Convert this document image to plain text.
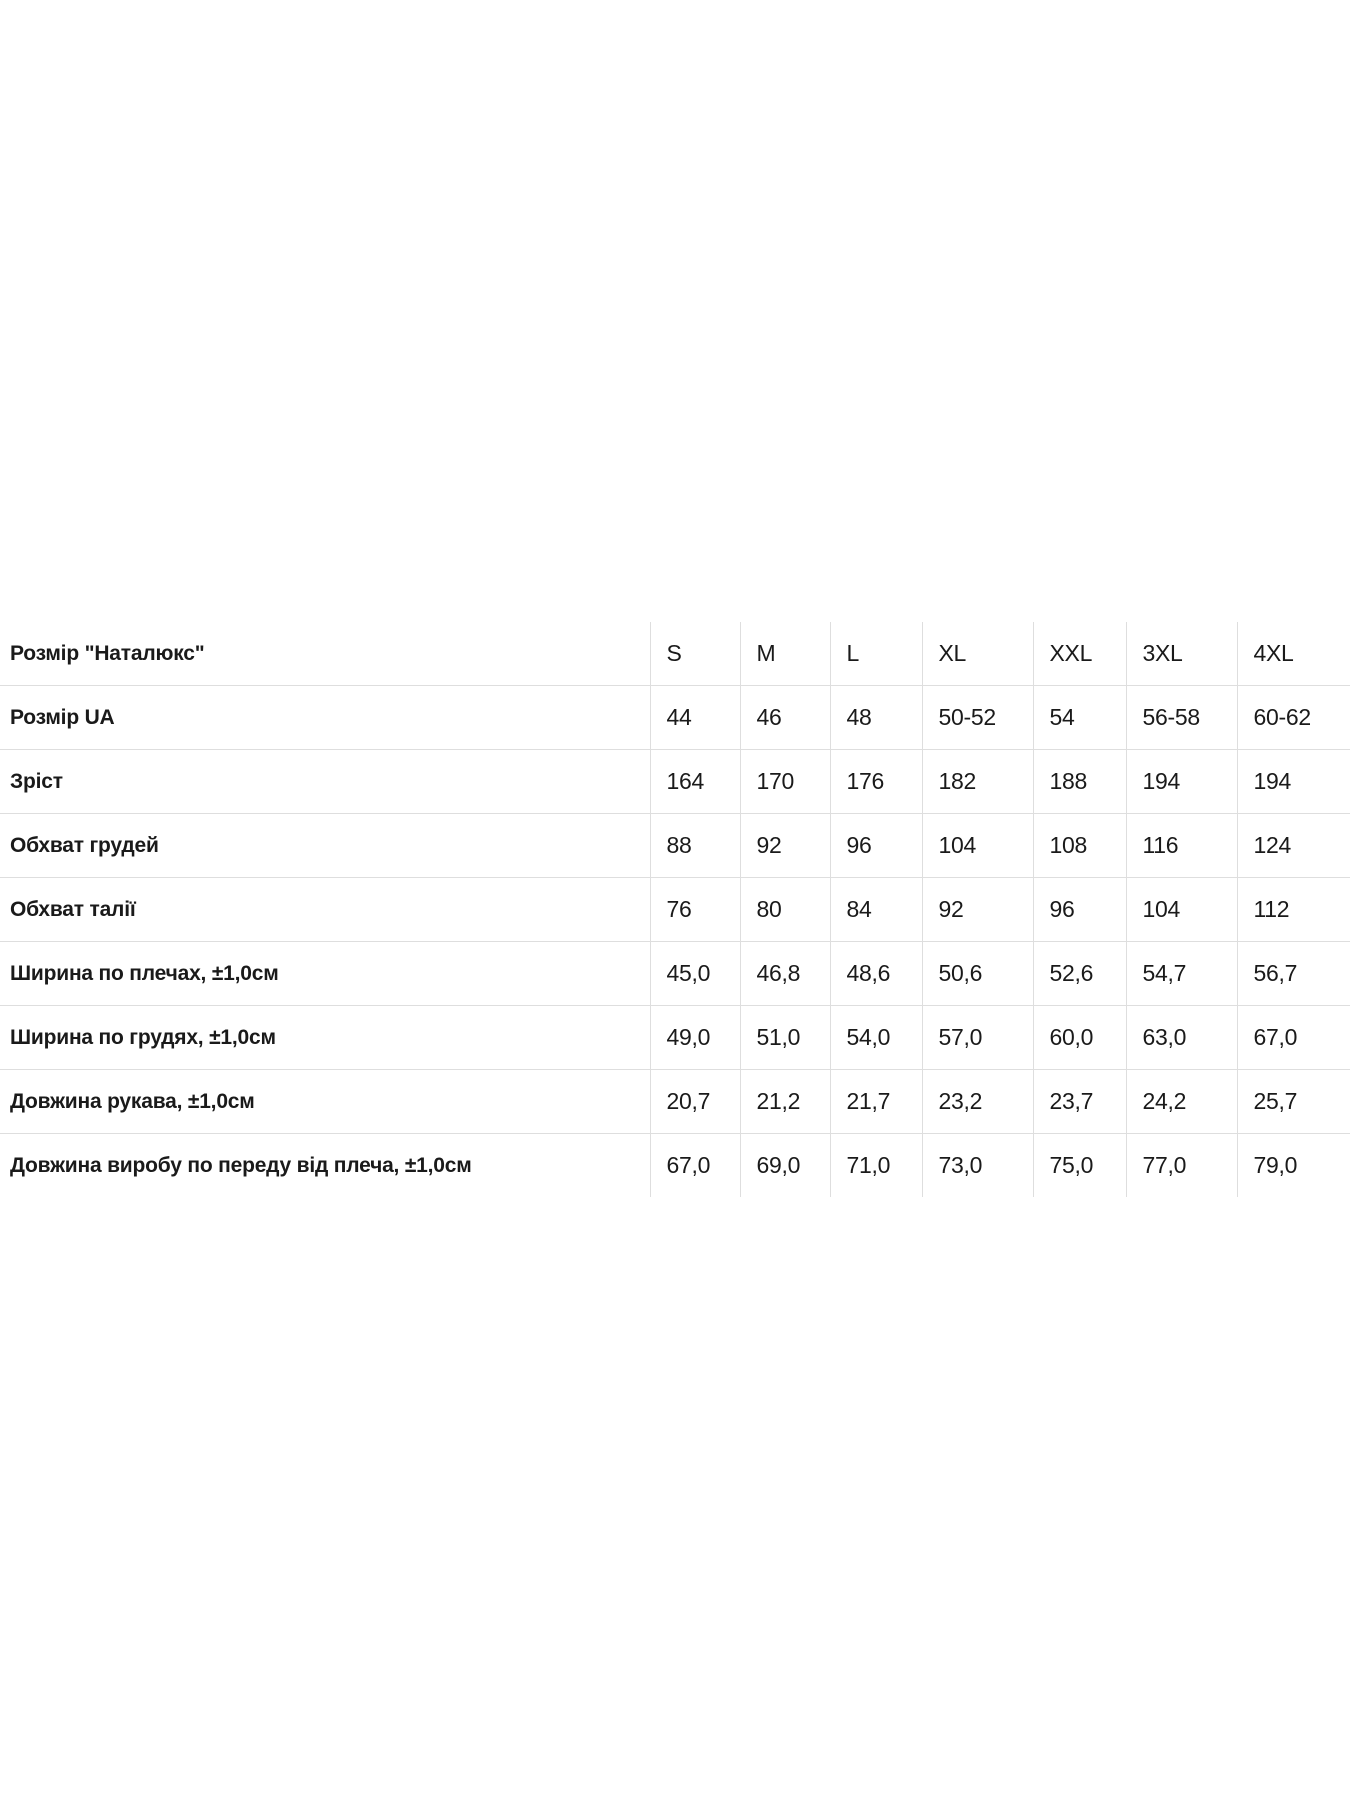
Розмір "Наталюкс"	S	M	L	XL	XXL	3XL	4XL
Розмір UA	44	46	48	50-52	54	56-58	60-62
Зріст	164	170	176	182	188	194	194
Обхват грудей	88	92	96	104	108	116	124
Обхват талії	76	80	84	92	96	104	112
Ширина по плечах, ±1,0см	45,0	46,8	48,6	50,6	52,6	54,7	56,7
Ширина по грудях, ±1,0см	49,0	51,0	54,0	57,0	60,0	63,0	67,0
Довжина рукава, ±1,0см	20,7	21,2	21,7	23,2	23,7	24,2	25,7
Довжина виробу по переду від плеча, ±1,0см	67,0	69,0	71,0	73,0	75,0	77,0	79,0
